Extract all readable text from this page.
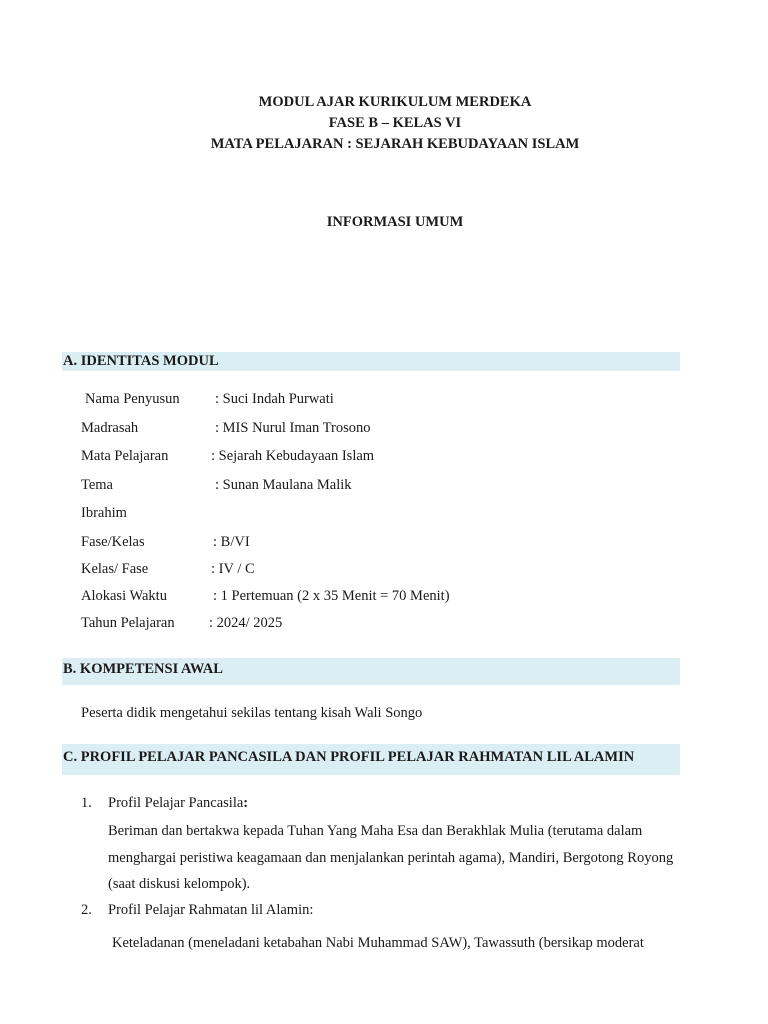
MODUL AJAR KURIKULUM MERDEKA
FASE B – KELAS VI
MATA PELAJARAN : SEJARAH KEBUDAYAAN ISLAM
INFORMASI UMUM
A. IDENTITAS MODUL
Nama Penyusun : Suci Indah Purwati
Madrasah	: MIS Nurul Iman Trosono
Mata Pelajaran	: Sejarah Kebudayaan Islam
Tema	: Sunan Maulana Malik
Ibrahim
Fase/Kelas	: B/VI
Kelas/ Fase	: IV / C
Alokasi Waktu	: 1 Pertemuan (2 x 35 Menit = 70 Menit)
Tahun Pelajaran : 2024/ 2025
B. KOMPETENSI AWAL
Peserta didik mengetahui sekilas tentang kisah Wali Songo
C. PROFIL PELAJAR PANCASILA DAN PROFIL PELAJAR RAHMATAN LIL ALAMIN
1. Profil Pelajar Pancasila:
Beriman dan bertakwa kepada Tuhan Yang Maha Esa dan Berakhlak Mulia (terutama dalam menghargai peristiwa keagamaan dan menjalankan perintah agama), Mandiri, Bergotong Royong (saat diskusi kelompok).
2. Profil Pelajar Rahmatan lil Alamin:
Keteladanan (meneladani ketabahan Nabi Muhammad SAW), Tawassuth (bersikap moderat
